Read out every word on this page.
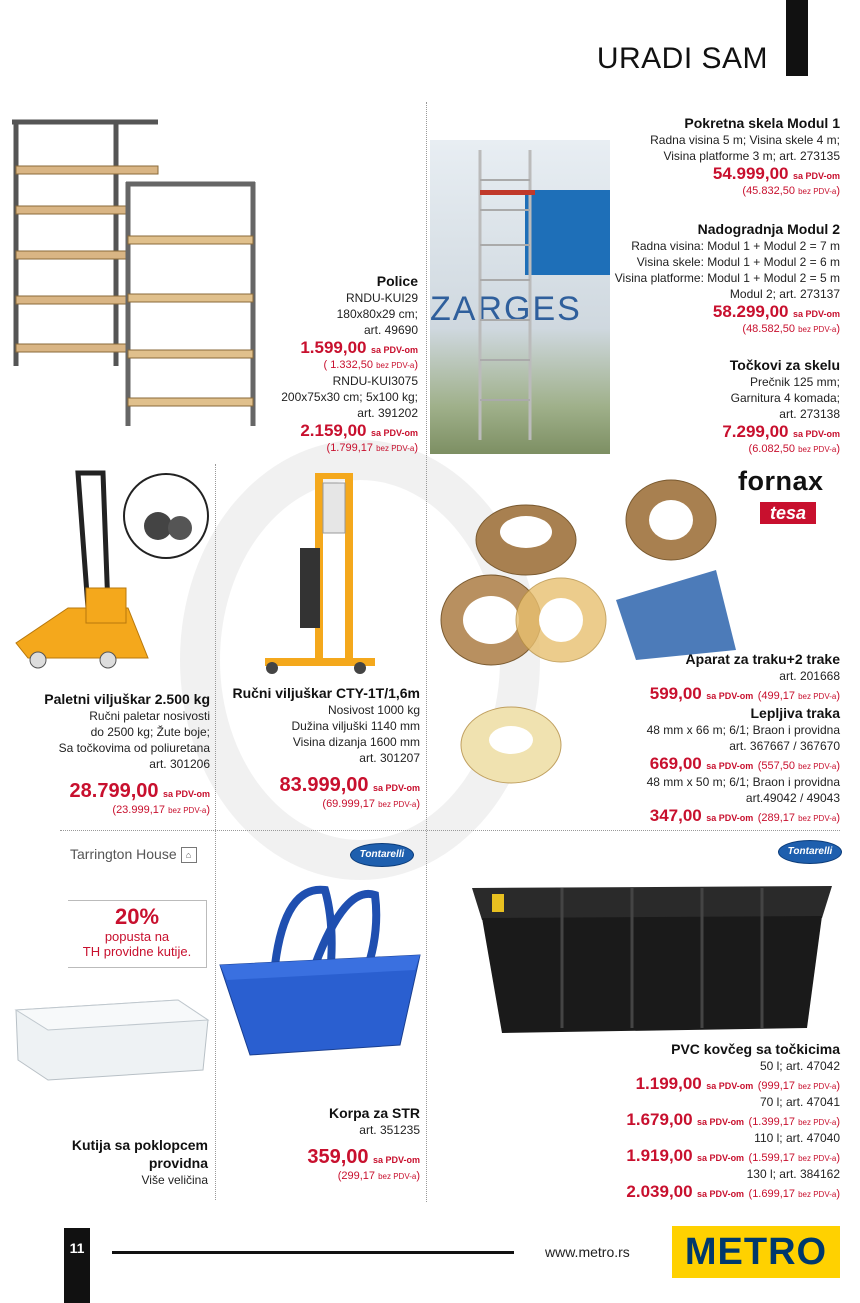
URADI SAM
Police
RNDU-KUI29
180x80x29 cm;
art. 49690
1.599,00 sa PDV-om
( 1.332,50 bez PDV-a)
RNDU-KUI3075
200x75x30 cm; 5x100 kg;
art. 391202
2.159,00 sa PDV-om
(1.799,17 bez PDV-a)
ZARGES
Pokretna skela Modul 1
Radna visina 5 m; Visina skele 4 m;
Visina platforme 3 m; art. 273135
54.999,00 sa PDV-om
(45.832,50 bez PDV-a)
Nadogradnja Modul 2
Radna visina: Modul 1 + Modul 2 = 7 m
Visina skele: Modul 1 + Modul 2 = 6 m
Visina platforme: Modul 1 + Modul 2 = 5 m
Modul 2; art. 273137
58.299,00 sa PDV-om
(48.582,50 bez PDV-a)
Točkovi za skelu
Prečnik 125 mm;
Garnitura 4 komada;
art. 273138
7.299,00 sa PDV-om
(6.082,50 bez PDV-a)
Paletni viljuškar 2.500 kg
Ručni paletar nosivosti
do 2500 kg; Žute boje;
Sa točkovima od poliuretana
art. 301206
28.799,00 sa PDV-om
(23.999,17 bez PDV-a)
Ručni viljuškar CTY-1T/1,6m
Nosivost 1000 kg
Dužina viljuški 1140 mm
Visina dizanja 1600 mm
art. 301207
83.999,00 sa PDV-om
(69.999,17 bez PDV-a)
fornax
tesa
Aparat za traku+2 trake
art. 201668
599,00 sa PDV-om (499,17 bez PDV-a)
Lepljiva traka
48 mm x 66 m; 6/1; Braon i providna
art. 367667 / 367670
669,00 sa PDV-om (557,50 bez PDV-a)
48 mm x 50 m; 6/1; Braon i providna
art.49042 / 49043
347,00 sa PDV-om (289,17 bez PDV-a)
Tarrington House ⌂
20%
popusta na
TH providne kutije.
Kutija sa poklopcem
providna
Više veličina
Tontarelli
Korpa za STR
art. 351235
359,00 sa PDV-om
(299,17 bez PDV-a)
Tontarelli
PVC kovčeg sa točkicima
50 l; art. 47042
1.199,00 sa PDV-om (999,17 bez PDV-a)
70 l; art. 47041
1.679,00 sa PDV-om (1.399,17 bez PDV-a)
110 l; art. 47040
1.919,00 sa PDV-om (1.599,17 bez PDV-a)
130 l; art. 384162
2.039,00 sa PDV-om (1.699,17 bez PDV-a)
11	www.metro.rs	METRO
